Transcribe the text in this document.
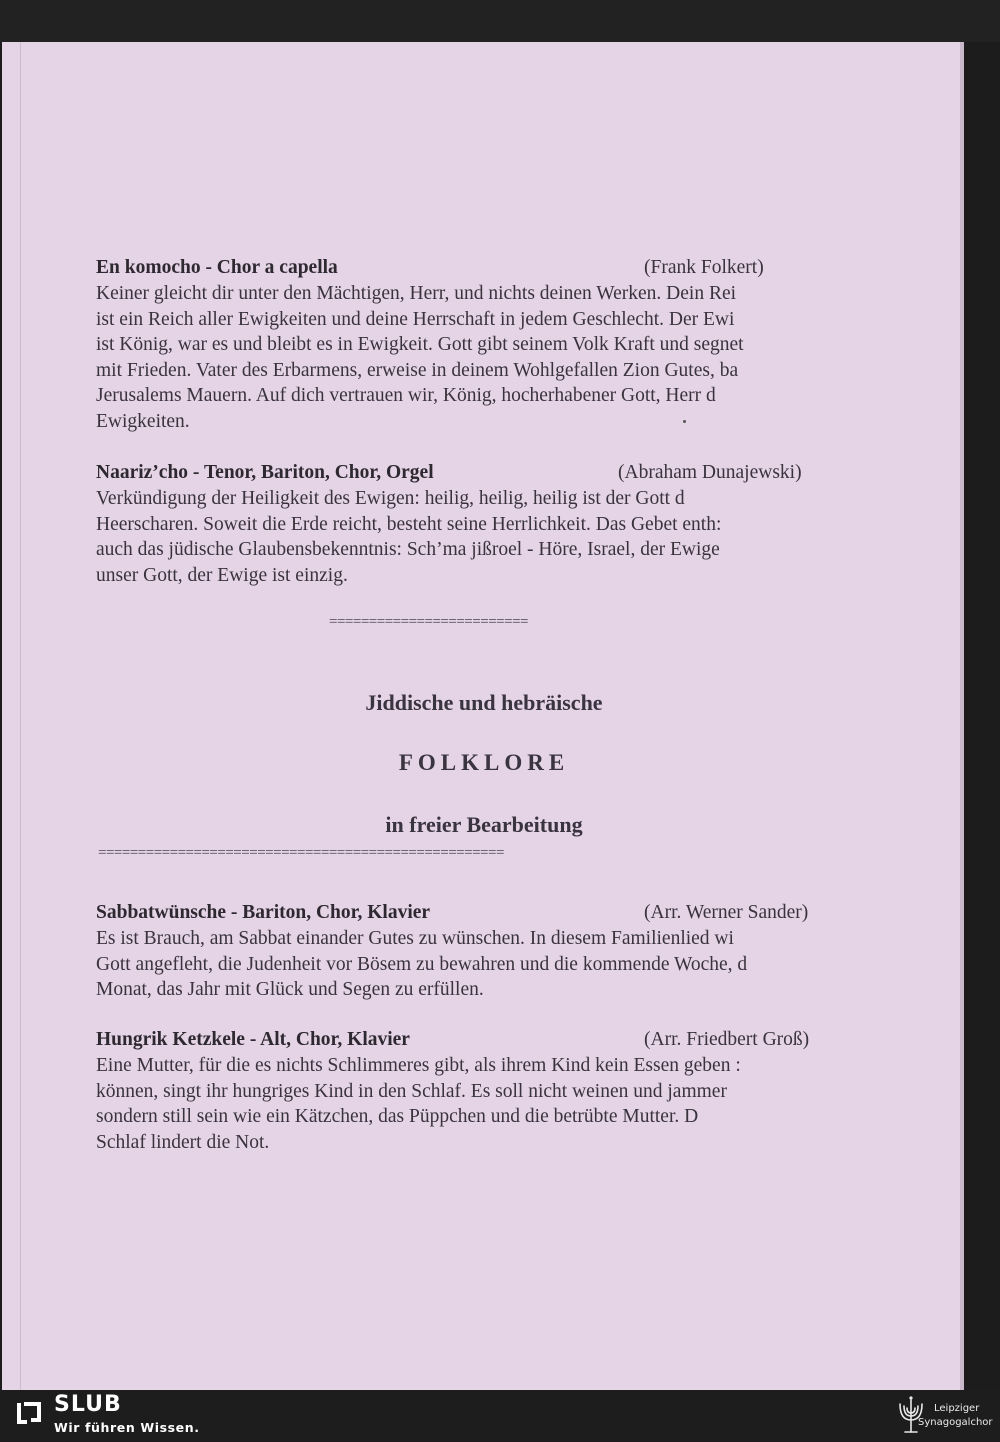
En komocho - Chor a capella	(Frank Folkert)
Keiner gleicht dir unter den Mächtigen, Herr, und nichts deinen Werken. Dein Rei
ist ein Reich aller Ewigkeiten und deine Herrschaft in jedem Geschlecht. Der Ewi
ist König, war es und bleibt es in Ewigkeit. Gott gibt seinem Volk Kraft und segnet
mit Frieden. Vater des Erbarmens, erweise in deinem Wohlgefallen Zion Gutes, ba
Jerusalems Mauern. Auf dich vertrauen wir, König, hocherhabener Gott, Herr d
Ewigkeiten.
Naariz’cho - Tenor, Bariton, Chor, Orgel	(Abraham Dunajewski)
Verkündigung der Heiligkeit des Ewigen: heilig, heilig, heilig ist der Gott d
Heerscharen. Soweit die Erde reicht, besteht seine Herrlichkeit. Das Gebet enth:
auch das jüdische Glaubensbekenntnis: Sch’ma jißroel - Höre, Israel, der Ewige
unser Gott, der Ewige ist einzig.
=========================
Jiddische und hebräische
FOLKLORE
in freier Bearbeitung
===================================================
Sabbatwünsche - Bariton, Chor, Klavier	(Arr. Werner Sander)
Es ist Brauch, am Sabbat einander Gutes zu wünschen. In diesem Familienlied wi
Gott angefleht, die Judenheit vor Bösem zu bewahren und die kommende Woche, d
Monat, das Jahr mit Glück und Segen zu erfüllen.
Hungrik Ketzkele - Alt, Chor, Klavier	(Arr. Friedbert Groß)
Eine Mutter, für die es nichts Schlimmeres gibt, als ihrem Kind kein Essen geben :
können, singt ihr hungriges Kind in den Schlaf. Es soll nicht weinen und jammer
sondern still sein wie ein Kätzchen, das Püppchen und die betrübte Mutter. D
Schlaf lindert die Not.
SLUB
Wir führen Wissen.
Leipziger
Synagogalchor
